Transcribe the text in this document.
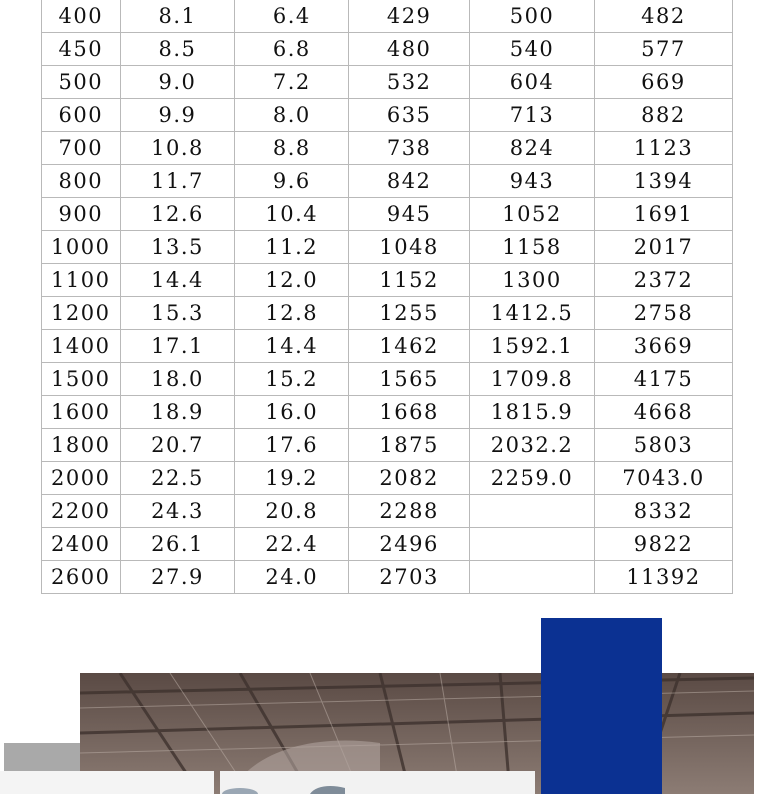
400	8.1	6.4	429	500	482
450	8.5	6.8	480	540	577
500	9.0	7.2	532	604	669
600	9.9	8.0	635	713	882
700	10.8	8.8	738	824	1123
800	11.7	9.6	842	943	1394
900	12.6	10.4	945	1052	1691
1000	13.5	11.2	1048	1158	2017
1100	14.4	12.0	1152	1300	2372
1200	15.3	12.8	1255	1412.5	2758
1400	17.1	14.4	1462	1592.1	3669
1500	18.0	15.2	1565	1709.8	4175
1600	18.9	16.0	1668	1815.9	4668
1800	20.7	17.6	1875	2032.2	5803
2000	22.5	19.2	2082	2259.0	7043.0
2200	24.3	20.8	2288		8332
2400	26.1	22.4	2496		9822
2600	27.9	24.0	2703		11392
